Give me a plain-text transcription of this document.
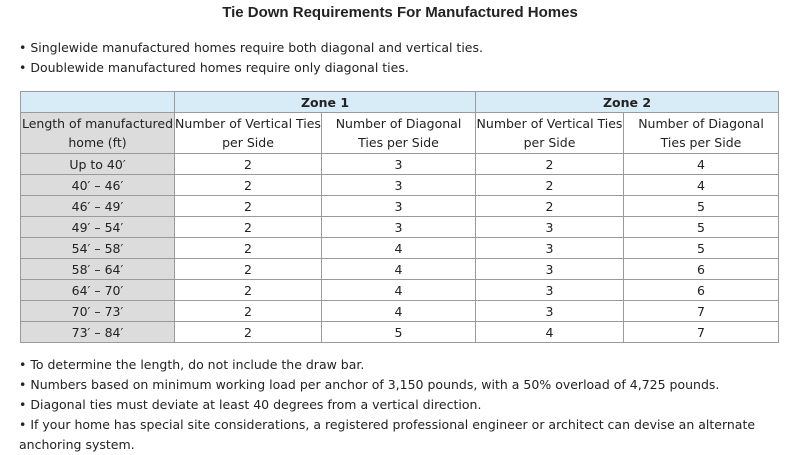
Tie Down Requirements For Manufactured Homes
• Singlewide manufactured homes require both diagonal and vertical ties.
• Doublewide manufactured homes require only diagonal ties.
	Zone 1		Zone 2	
Length of manufactured home (ft)	Number of Vertical Ties per Side	Number of Diagonal Ties per Side	Number of Vertical Ties per Side	Number of Diagonal Ties per Side
Up to 40′	2	3	2	4
40′ – 46′	2	3	2	4
46′ – 49′	2	3	2	5
49′ – 54′	2	3	3	5
54′ – 58′	2	4	3	5
58′ – 64′	2	4	3	6
64′ – 70′	2	4	3	6
70′ – 73′	2	4	3	7
73′ – 84′	2	5	4	7
• To determine the length, do not include the draw bar.
• Numbers based on minimum working load per anchor of 3,150 pounds, with a 50% overload of 4,725 pounds.
• Diagonal ties must deviate at least 40 degrees from a vertical direction.
• If your home has special site considerations, a registered professional engineer or architect can devise an alternate anchoring system.
